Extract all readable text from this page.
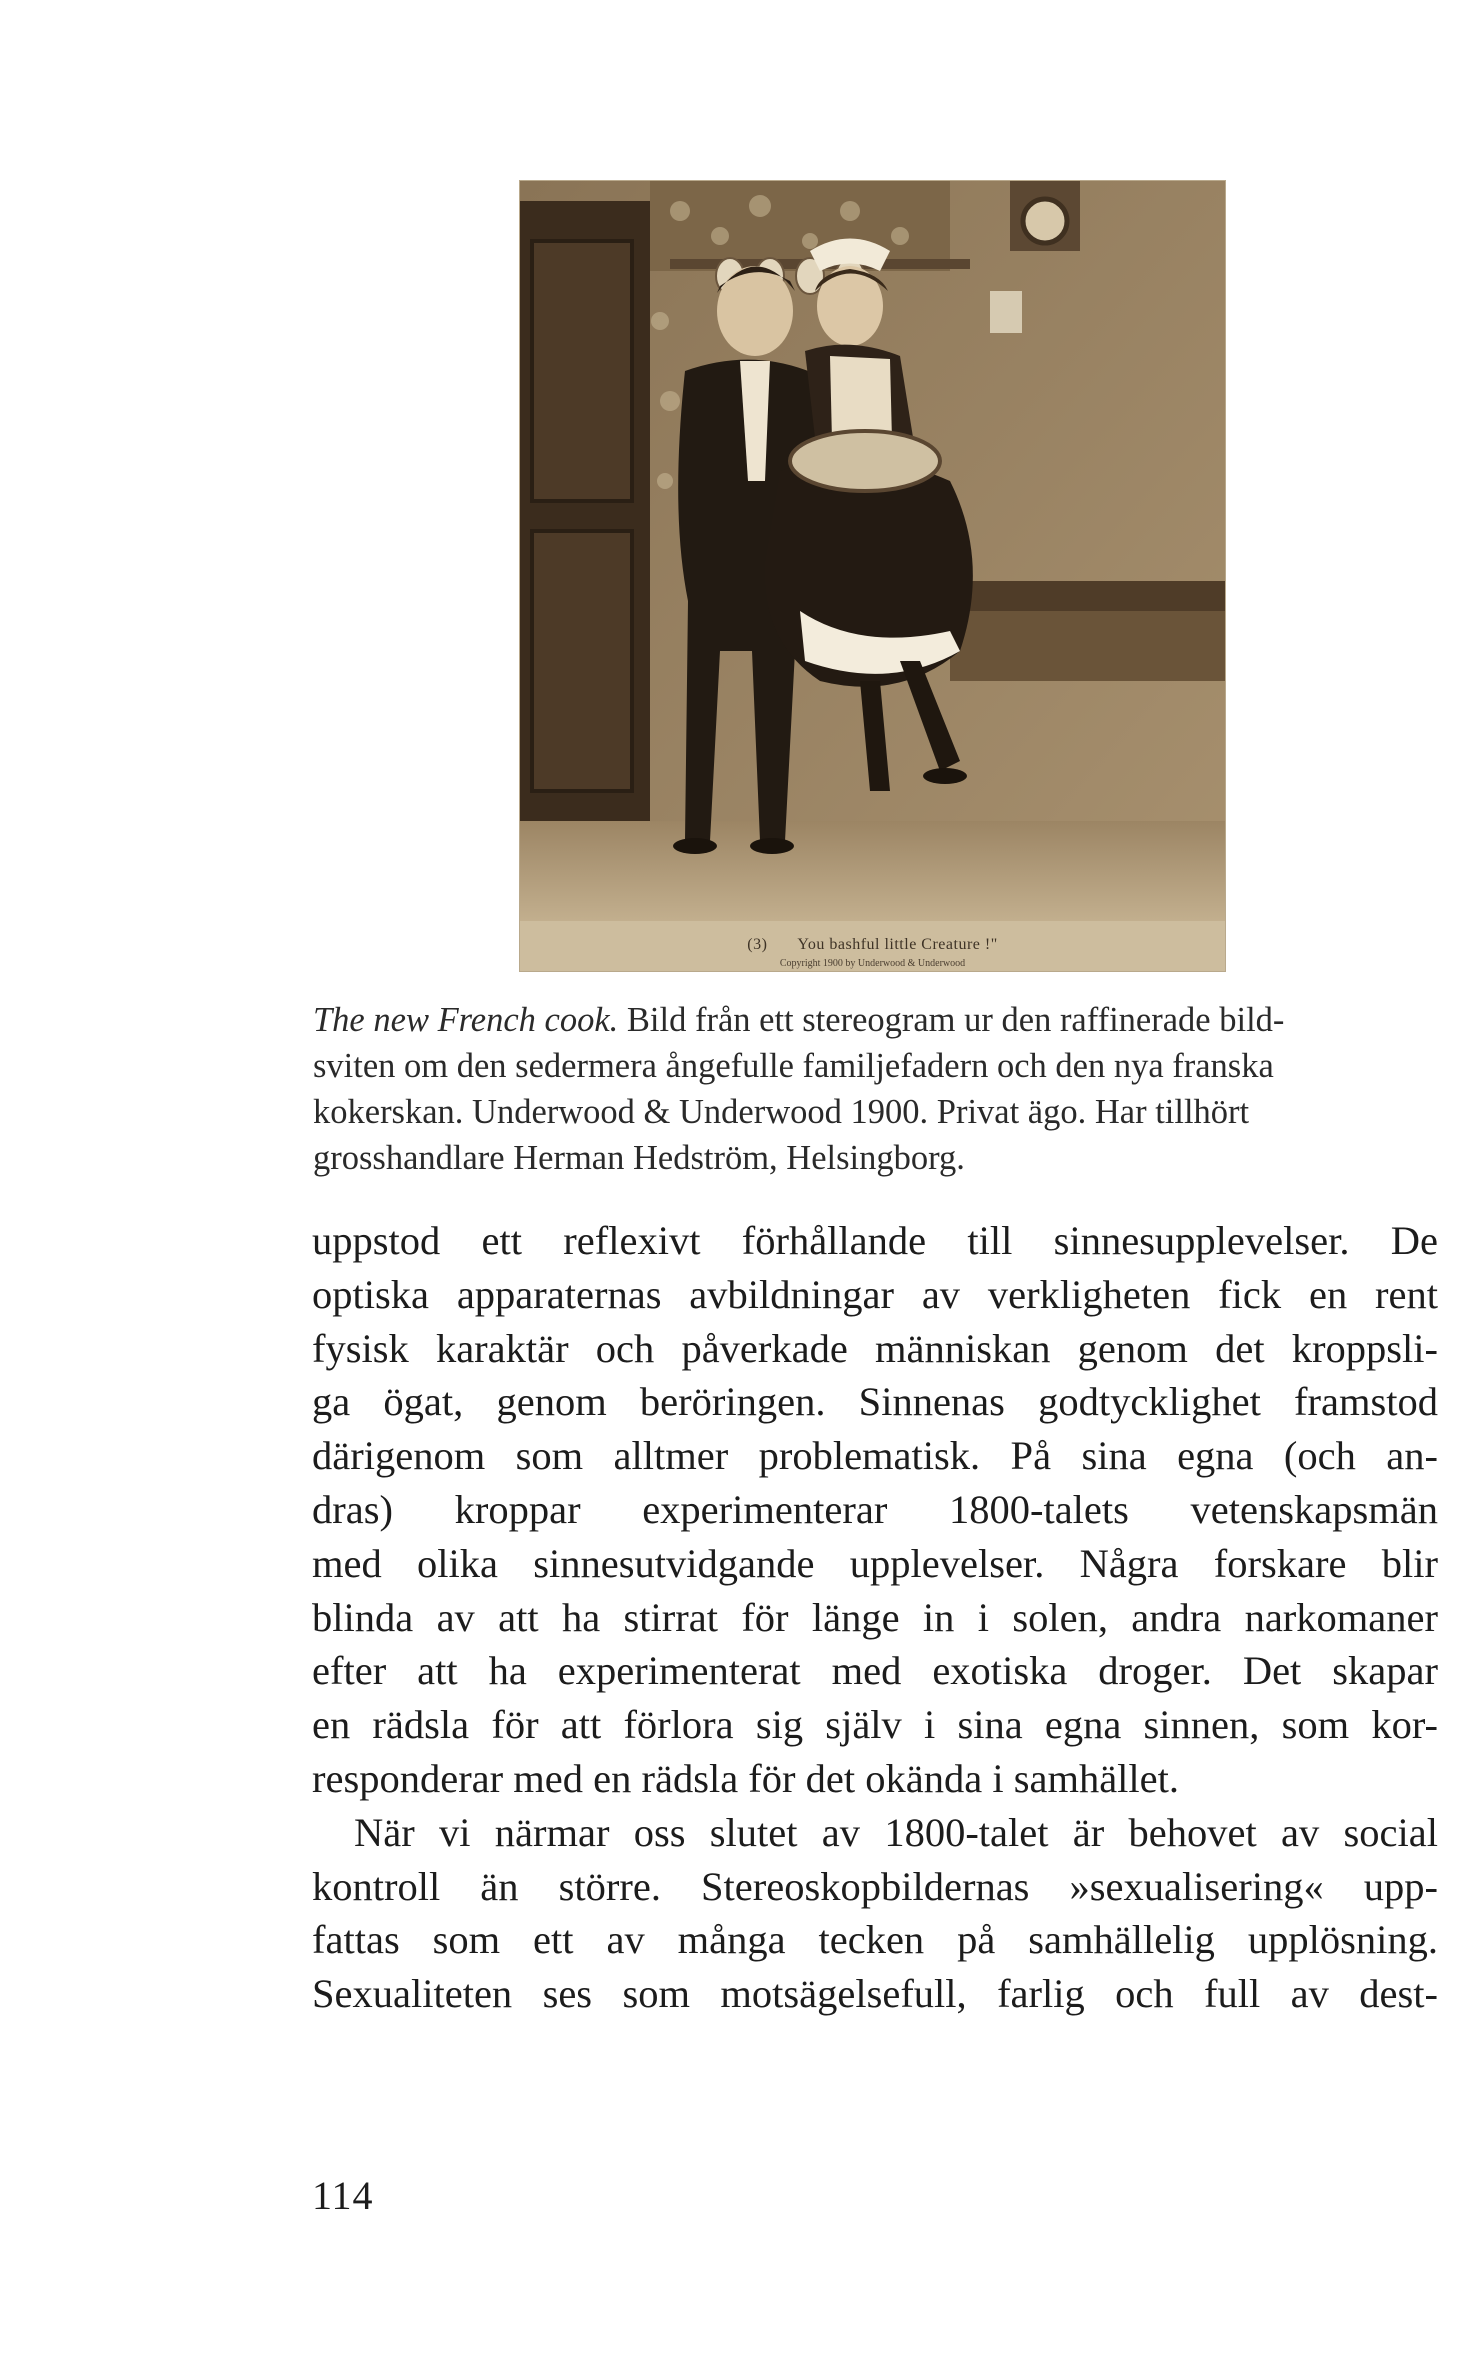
(3) You bashful little Creature !"
Copyright 1900 by Underwood & Underwood
The new French cook. Bild från ett stereogram ur den raffinerade bild-
sviten om den sedermera ångefulle familjefadern och den nya franska
kokerskan. Underwood & Underwood 1900. Privat ägo. Har tillhört
grosshandlare Herman Hedström, Helsingborg.
uppstod ett reflexivt förhållande till sinnesupplevelser. De
optiska apparaternas avbildningar av verkligheten fick en rent
fysisk karaktär och påverkade människan genom det kroppsli-
ga ögat, genom beröringen. Sinnenas godtycklighet framstod
därigenom som alltmer problematisk. På sina egna (och an-
dras) kroppar experimenterar 1800-talets vetenskapsmän
med olika sinnesutvidgande upplevelser. Några forskare blir
blinda av att ha stirrat för länge in i solen, andra narkomaner
efter att ha experimenterat med exotiska droger. Det skapar
en rädsla för att förlora sig själv i sina egna sinnen, som kor-
responderar med en rädsla för det okända i samhället.
När vi närmar oss slutet av 1800-talet är behovet av social
kontroll än större. Stereoskopbildernas »sexualisering« upp-
fattas som ett av många tecken på samhällelig upplösning.
Sexualiteten ses som motsägelsefull, farlig och full av dest-
114
